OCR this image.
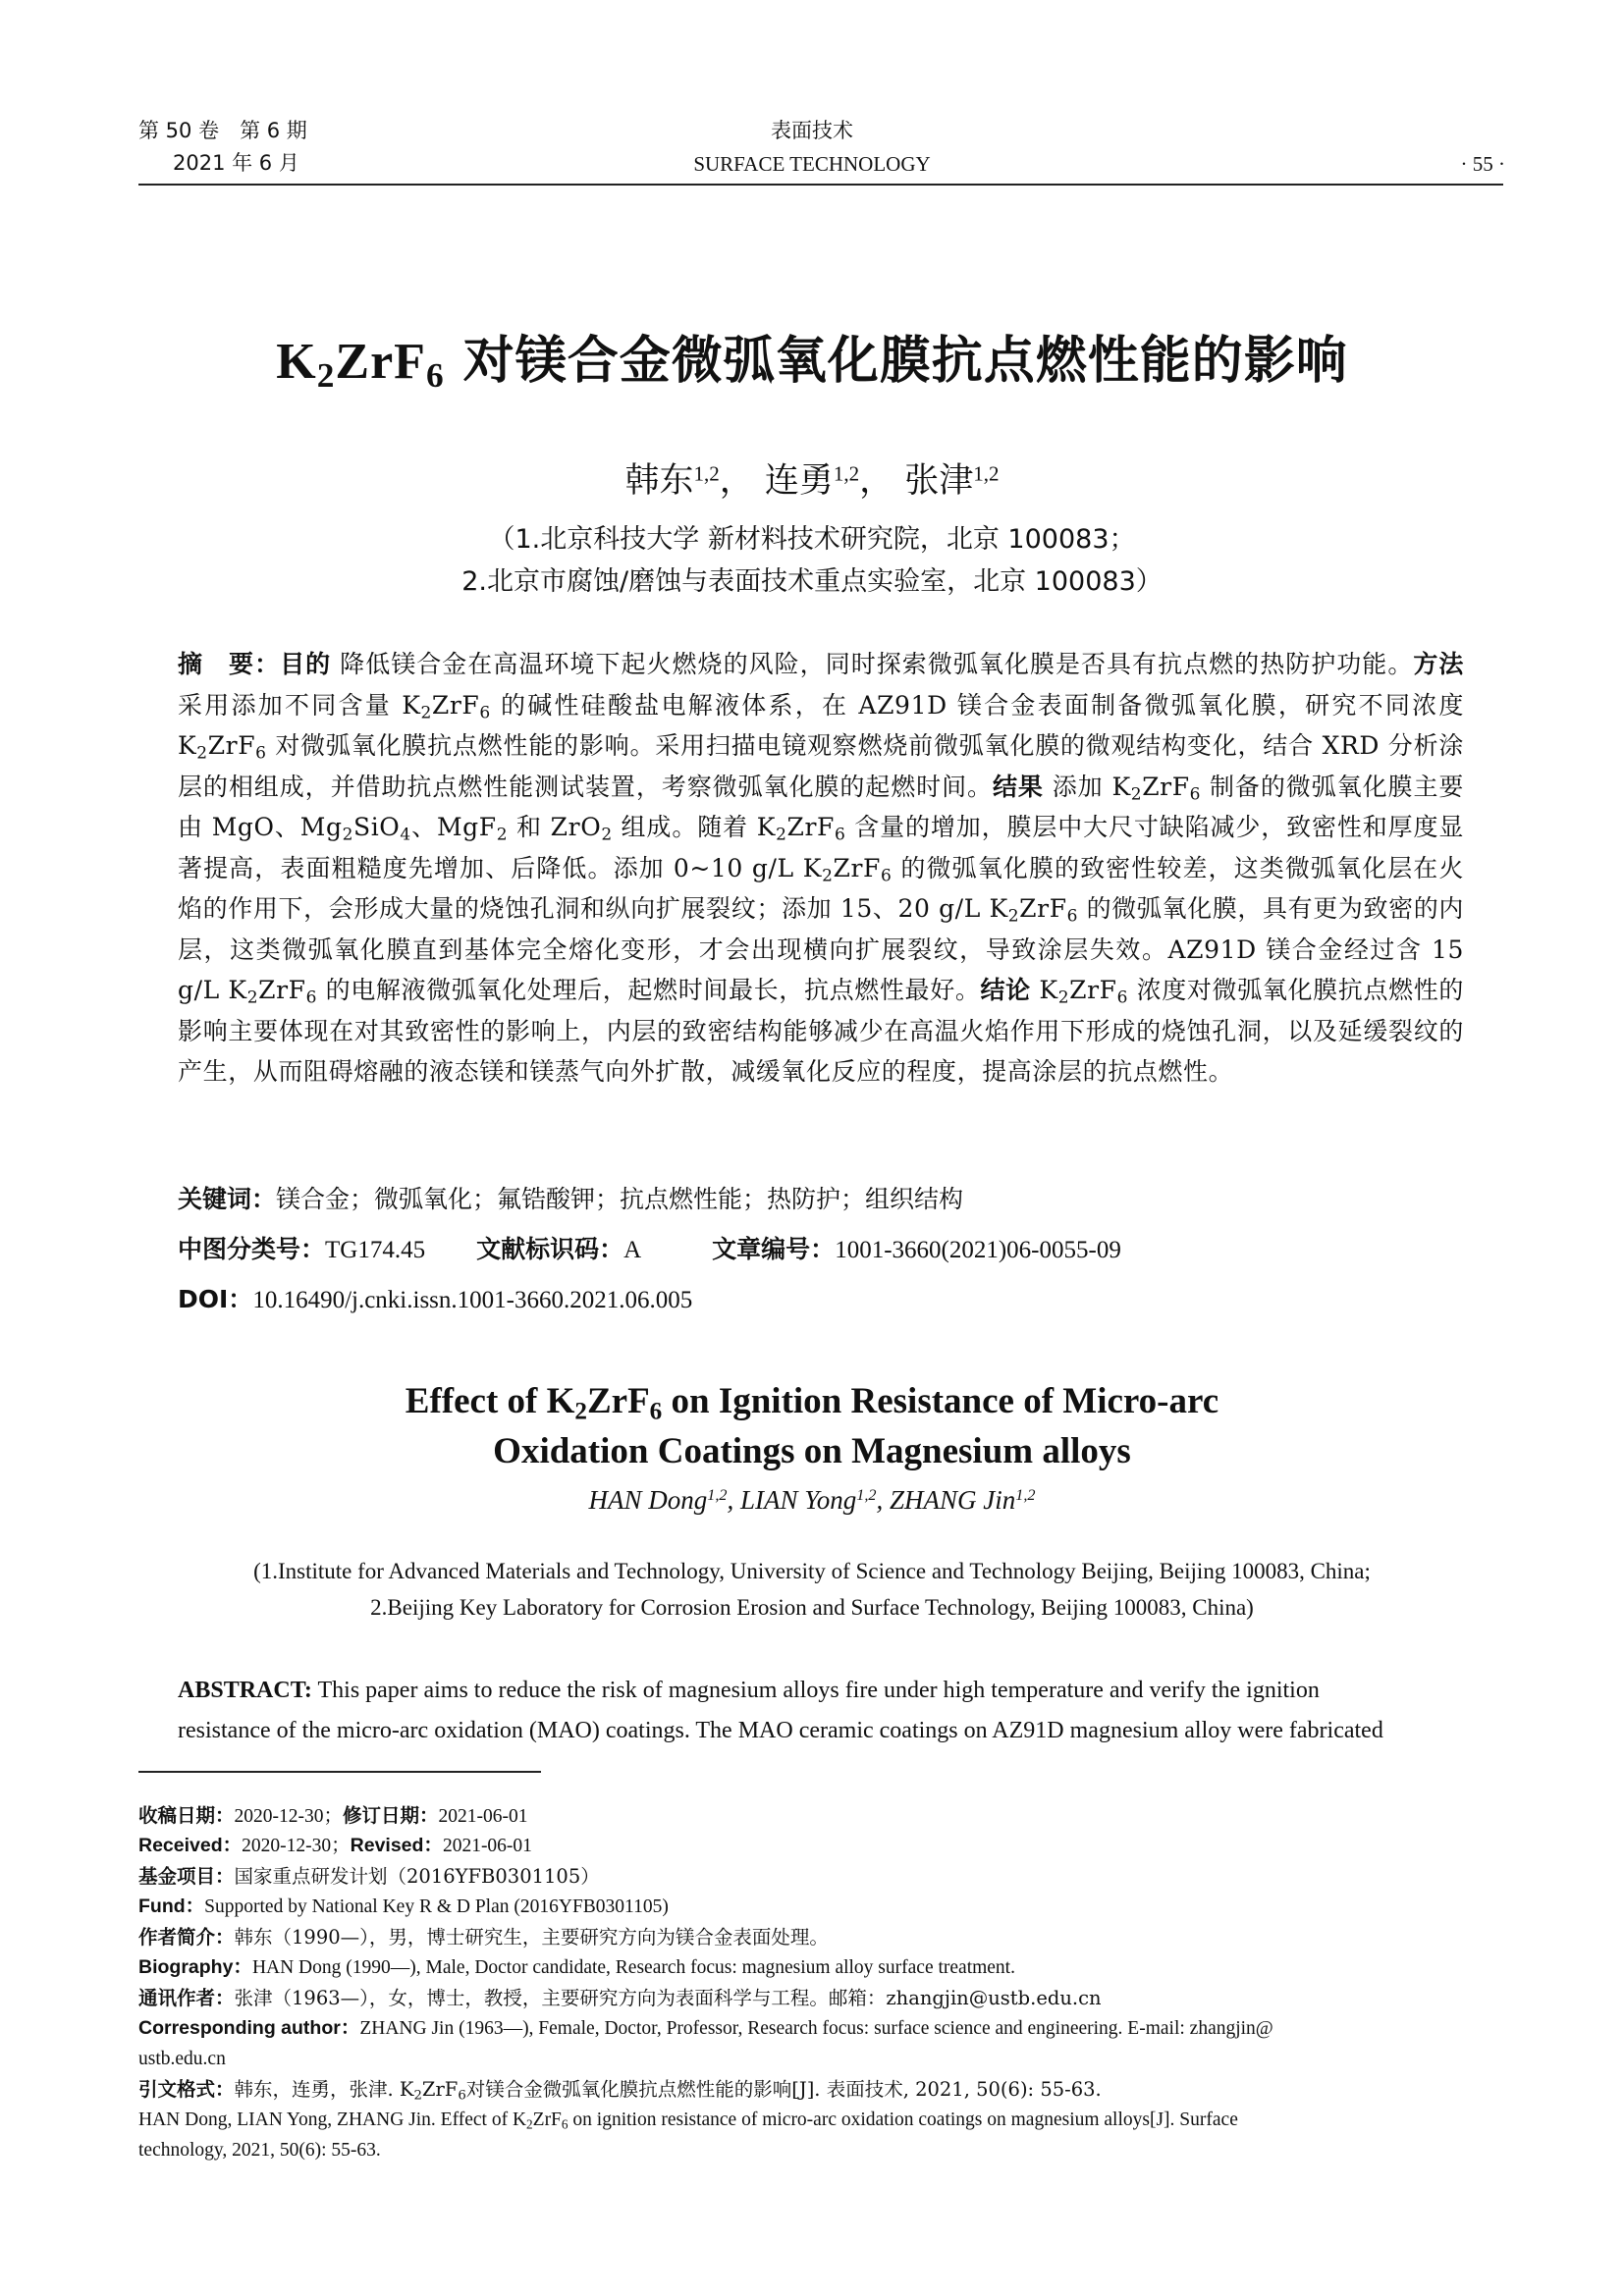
第 50 卷　第 6 期
2021 年 6 月
表面技术
SURFACE TECHNOLOGY	· 55 ·
$K_2ZrF_6$ 对镁合金微弧氧化膜抗点燃性能的影响
韩东$^{1,2}$， 连勇$^{1,2}$， 张津$^{1,2}$
（1.北京科技大学 新材料技术研究院，北京 100083；
2.北京市腐蚀/磨蚀与表面技术重点实验室，北京 100083）
摘　要：目的 降低镁合金在高温环境下起火燃烧的风险，同时探索微弧氧化膜是否具有抗点燃的热防护功能。方法 采用添加不同含量 $K_2ZrF_6$ 的碱性硅酸盐电解液体系，在 AZ91D 镁合金表面制备微弧氧化膜，研究不同浓度 $K_2ZrF_6$ 对微弧氧化膜抗点燃性能的影响。采用扫描电镜观察燃烧前微弧氧化膜的微观结构变化，结合 XRD 分析涂层的相组成，并借助抗点燃性能测试装置，考察微弧氧化膜的起燃时间。结果 添加 $K_2ZrF_6$ 制备的微弧氧化膜主要由 MgO、$Mg_2SiO_4$、MgF$_2$ 和 ZrO$_2$ 组成。随着 $K_2ZrF_6$ 含量的增加，膜层中大尺寸缺陷减少，致密性和厚度显著提高，表面粗糙度先增加、后降低。添加 0~10 g/L $K_2ZrF_6$ 的微弧氧化膜的致密性较差，这类微弧氧化层在火焰的作用下，会形成大量的烧蚀孔洞和纵向扩展裂纹；添加 15、20 g/L $K_2ZrF_6$ 的微弧氧化膜，具有更为致密的内层，这类微弧氧化膜直到基体完全熔化变形，才会出现横向扩展裂纹，导致涂层失效。AZ91D 镁合金经过含 15 g/L $K_2ZrF_6$ 的电解液微弧氧化处理后，起燃时间最长，抗点燃性最好。结论 $K_2ZrF_6$ 浓度对微弧氧化膜抗点燃性的影响主要体现在对其致密性的影响上，内层的致密结构能够减少在高温火焰作用下形成的烧蚀孔洞，以及延缓裂纹的产生，从而阻碍熔融的液态镁和镁蒸气向外扩散，减缓氧化反应的程度，提高涂层的抗点燃性。
关键词：镁合金；微弧氧化；氟锆酸钾；抗点燃性能；热防护；组织结构
中图分类号：TG174.45 文献标识码：A	文章编号：1001-3660(2021)06-0055-09
DOI：10.16490/j.cnki.issn.1001-3660.2021.06.005
Effect of $K_2ZrF_6$ on Ignition Resistance of Micro-arc
Oxidation Coatings on Magnesium alloys
HAN Dong$^{1,2}$, LIAN Yong$^{1,2}$, ZHANG Jin$^{1,2}$
(1.Institute for Advanced Materials and Technology, University of Science and Technology Beijing, Beijing 100083, China;
2.Beijing Key Laboratory for Corrosion Erosion and Surface Technology, Beijing 100083, China)
ABSTRACT: This paper aims to reduce the risk of magnesium alloys fire under high temperature and verify the ignition
resistance of the micro-arc oxidation (MAO) coatings. The MAO ceramic coatings on AZ91D magnesium alloy were fabricated
收稿日期：2020-12-30；修订日期：2021-06-01
Received：2020-12-30；Revised：2021-06-01
基金项目：国家重点研发计划（2016YFB0301105）
Fund：Supported by National Key R & D Plan (2016YFB0301105)
作者简介：韩东（1990—），男，博士研究生，主要研究方向为镁合金表面处理。
Biography：HAN Dong (1990—), Male, Doctor candidate, Research focus: magnesium alloy surface treatment.
通讯作者：张津（1963—），女，博士，教授，主要研究方向为表面科学与工程。邮箱：zhangjin@ustb.edu.cn
Corresponding author：ZHANG Jin (1963—), Female, Doctor, Professor, Research focus: surface science and engineering. E-mail: zhangjin@
ustb.edu.cn
引文格式：韩东，连勇，张津. $K_2ZrF_6$对镁合金微弧氧化膜抗点燃性能的影响[J]. 表面技术, 2021, 50(6): 55-63.
HAN Dong, LIAN Yong, ZHANG Jin. Effect of $K_2ZrF_6$ on ignition resistance of micro-arc oxidation coatings on magnesium alloys[J]. Surface
technology, 2021, 50(6): 55-63.
